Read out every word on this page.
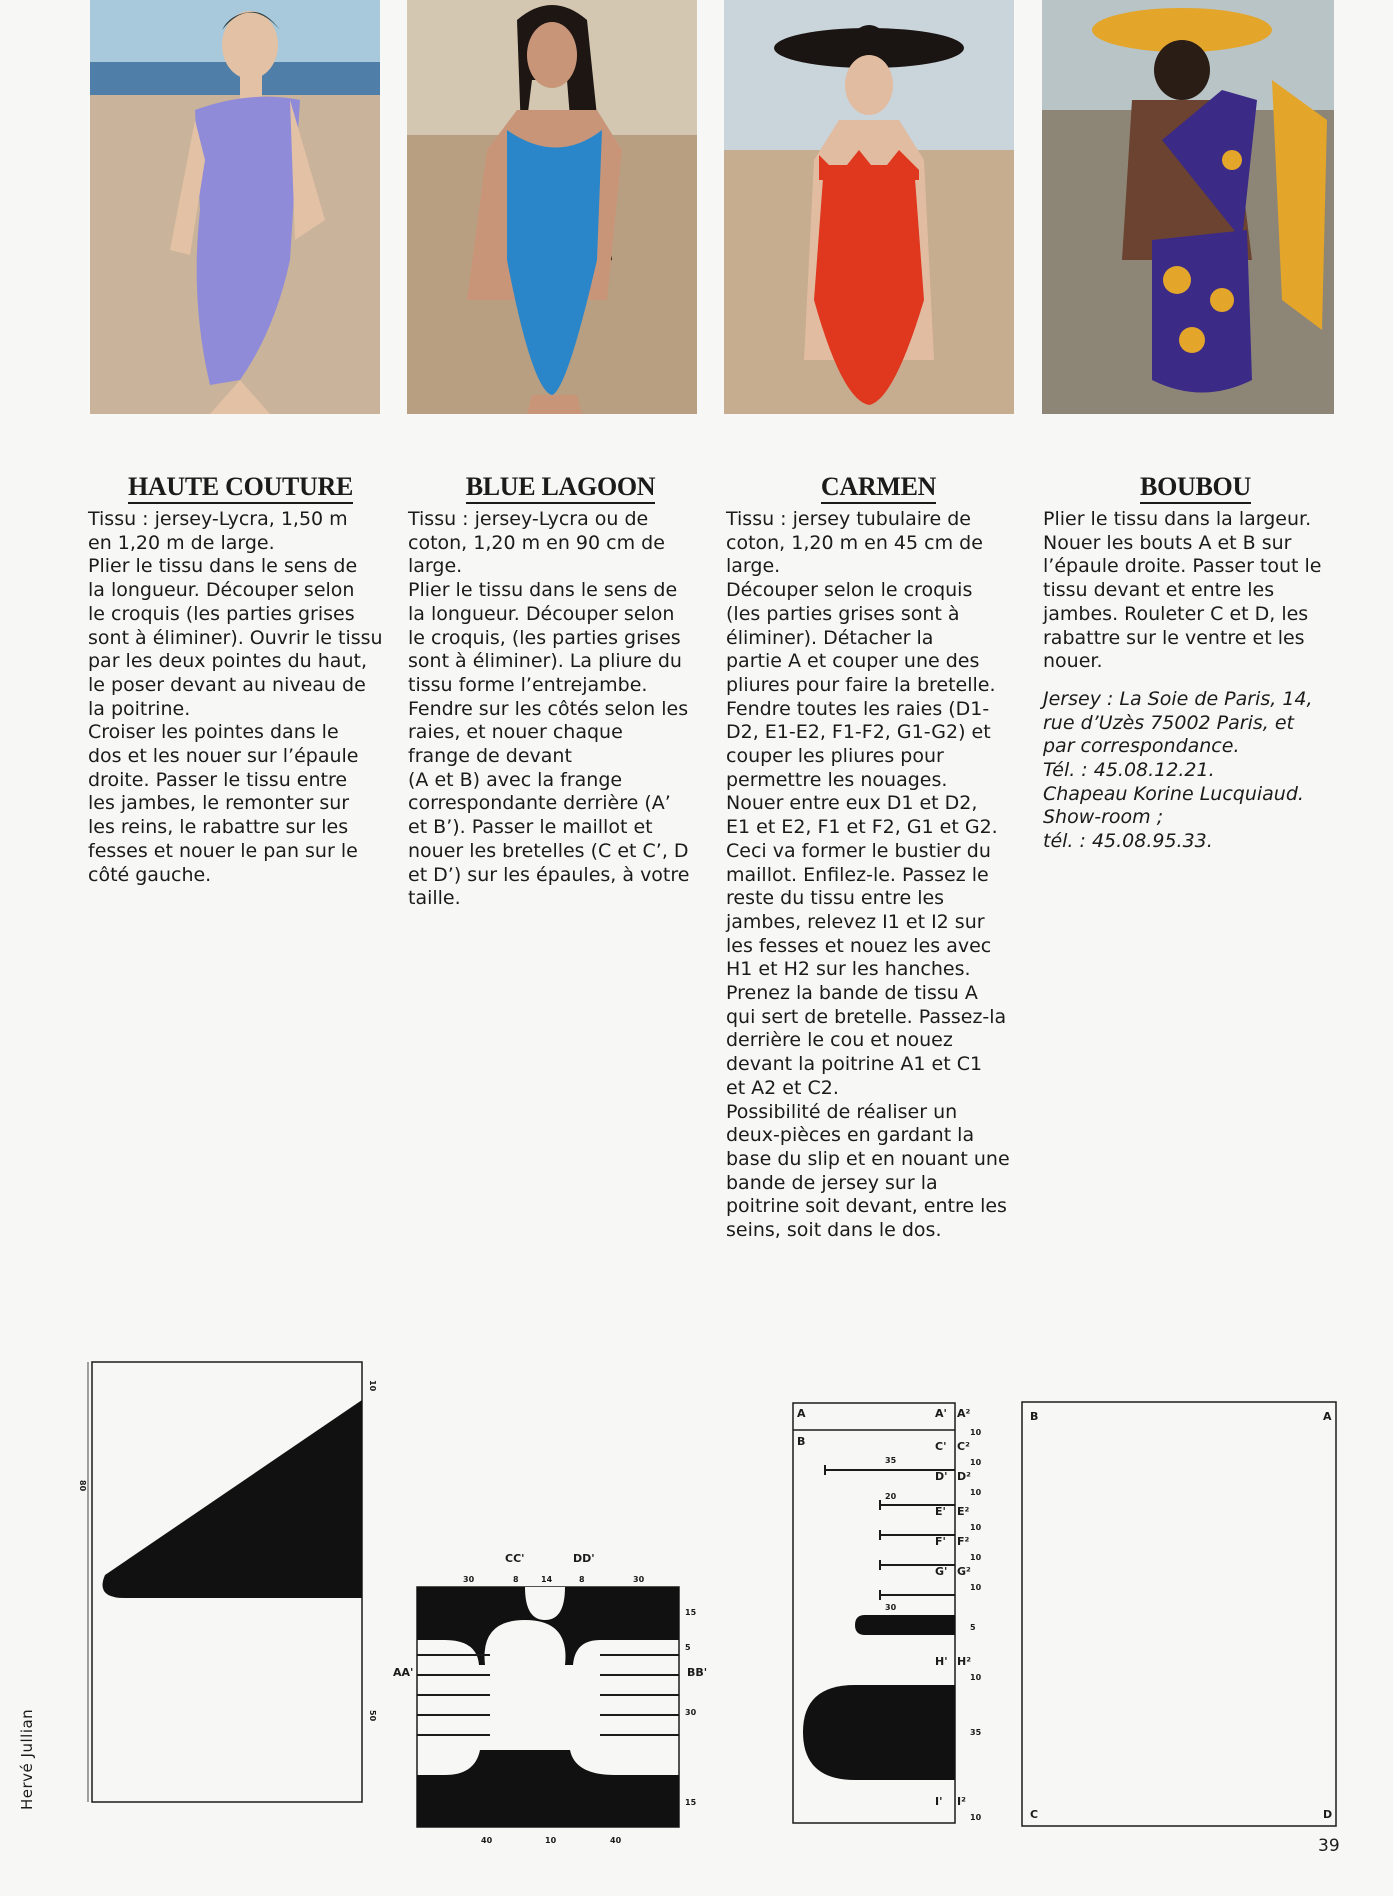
HAUTE COUTURE

Tissu : jersey-Lycra, 1,50 m
en 1,20 m de large.
Plier le tissu dans le sens de
la longueur. Découper selon
le croquis (les parties grises
sont à éliminer). Ouvrir le tissu
par les deux pointes du haut,
le poser devant au niveau de
la poitrine.
Croiser les pointes dans le
dos et les nouer sur l’épaule
droite. Passer le tissu entre
les jambes, le remonter sur
les reins, le rabattre sur les
fesses et nouer le pan sur le
côté gauche.

BLUE LAGOON

Tissu : jersey-Lycra ou de
coton, 1,20 m en 90 cm de
large.
Plier le tissu dans le sens de
la longueur. Découper selon
le croquis, (les parties grises
sont à éliminer). La pliure du
tissu forme l’entrejambe.
Fendre sur les côtés selon les
raies, et nouer chaque
frange de devant
(A et B) avec la frange
correspondante derrière (A’
et B’). Passer le maillot et
nouer les bretelles (C et C’, D
et D’) sur les épaules, à votre
taille.

CARMEN

Tissu : jersey tubulaire de
coton, 1,20 m en 45 cm de
large.
Découper selon le croquis
(les parties grises sont à
éliminer). Détacher la
partie A et couper une des
pliures pour faire la bretelle.
Fendre toutes les raies (D1-
D2, E1-E2, F1-F2, G1-G2) et
couper les pliures pour
permettre les nouages.
Nouer entre eux D1 et D2,
E1 et E2, F1 et F2, G1 et G2.
Ceci va former le bustier du
maillot. Enfilez-le. Passez le
reste du tissu entre les
jambes, relevez I1 et I2 sur
les fesses et nouez les avec
H1 et H2 sur les hanches.
Prenez la bande de tissu A
qui sert de bretelle. Passez-la
derrière le cou et nouez
devant la poitrine A1 et C1
et A2 et C2.
Possibilité de réaliser un
deux-pièces en gardant la
base du slip et en nouant une
bande de jersey sur la
poitrine soit devant, entre les
seins, soit dans le dos.

BOUBOU

Plier le tissu dans la largeur.
Nouer les bouts A et B sur
l’épaule droite. Passer tout le
tissu devant et entre les
jambes. Rouleter C et D, les
rabattre sur le ventre et les
nouer.

Jersey : La Soie de Paris, 14,
rue d’Uzès 75002 Paris, et
par correspondance.
Tél. : 45.08.12.21.
Chapeau Korine Lucquiaud.
Show-room ;
tél. : 45.08.95.33.

10
80
50
CC'	DD'
30	8	14	8	30
AA'	BB'
15
5
30
15
40	10	40
A	A' A²
B	C' C²
D' D²
E' E²
F' F²
G' G²
H' H²
I' I²
35
20
30
10
10
10
10
10
10
5
10
35
10
B	A
C	D
Hervé Jullian
39
